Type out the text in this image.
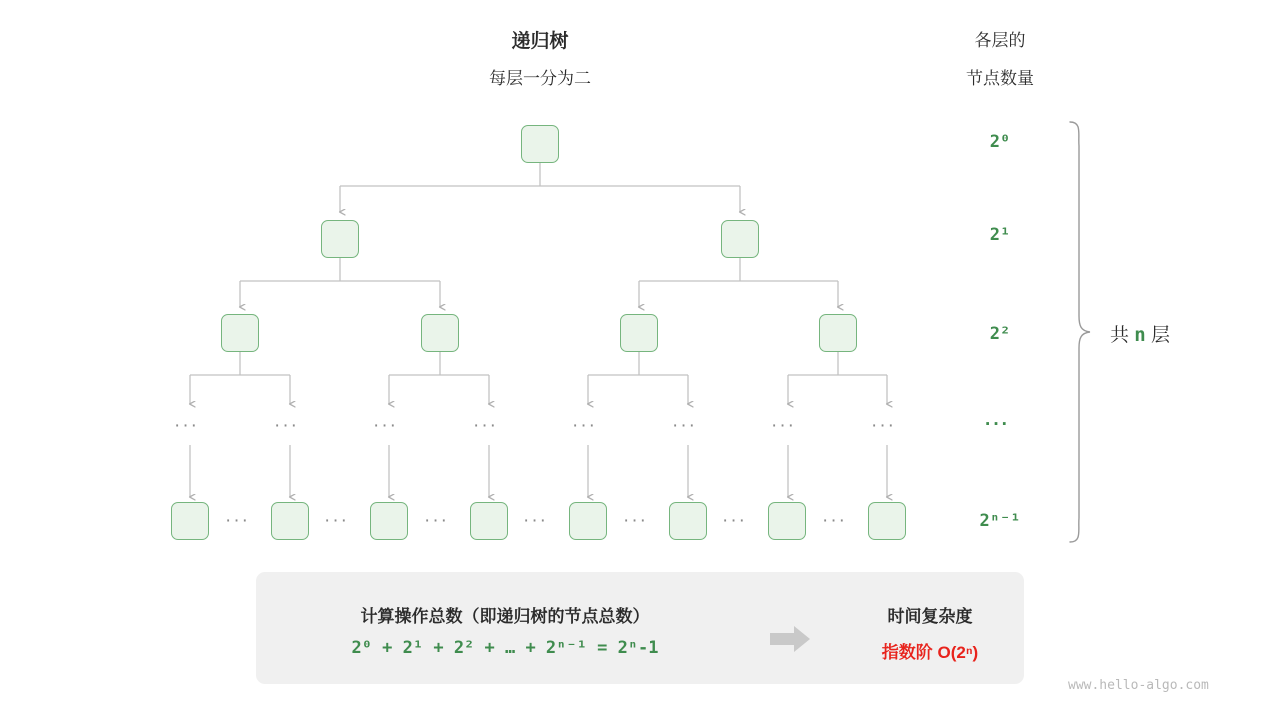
递归树
每层一分为二
各层的
节点数量
···	···	···	···	···	···	···	···
···	···	···	···	···	···	···
2⁰
2¹
2²
···
2ⁿ⁻¹
共 n 层
计算操作总数（即递归树的节点总数）
2⁰ + 2¹ + 2² + … + 2ⁿ⁻¹ = 2ⁿ-1
时间复杂度
指数阶 O(2ⁿ)
www.hello-algo.com
